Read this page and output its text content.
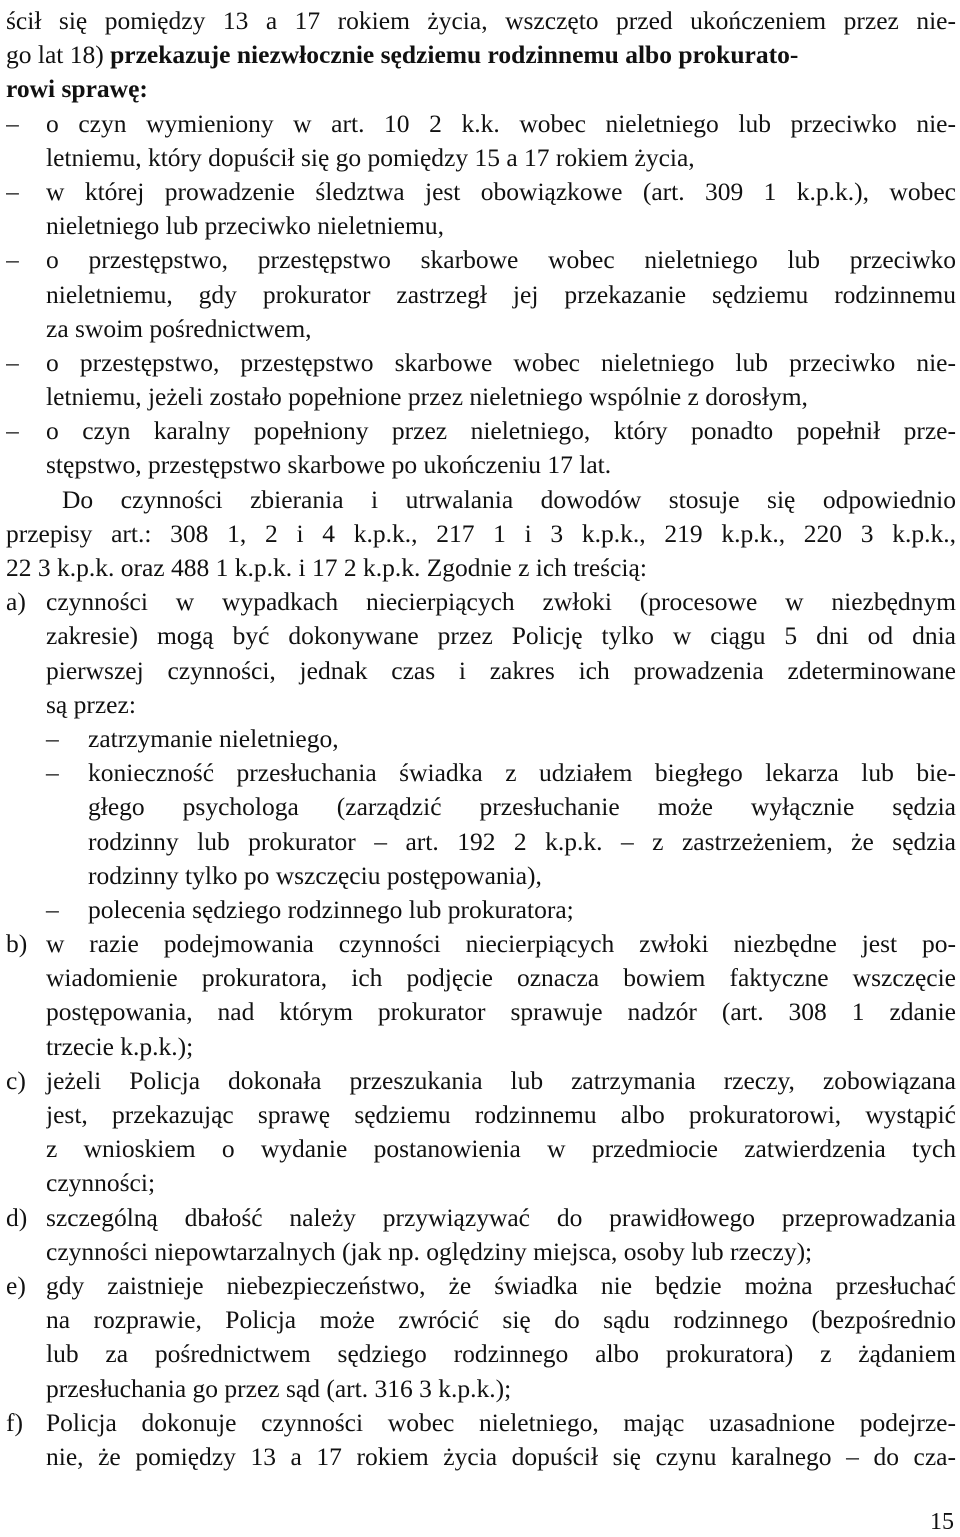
ścił się pomiędzy 13 a 17 rokiem życia, wszczęto przed ukończeniem przez nie-
go lat 18) przekazuje niezwłocznie sędziemu rodzinnemu albo prokurato-
rowi sprawę:
– o czyn wymieniony w art. 10 2 k.k. wobec nieletniego lub przeciwko nie-
letniemu, który dopuścił się go pomiędzy 15 a 17 rokiem życia,
– w której prowadzenie śledztwa jest obowiązkowe (art. 309 1 k.p.k.), wobec
nieletniego lub przeciwko nieletniemu,
– o przestępstwo, przestępstwo skarbowe wobec nieletniego lub przeciwko
nieletniemu, gdy prokurator zastrzegł jej przekazanie sędziemu rodzinnemu
za swoim pośrednictwem,
– o przestępstwo, przestępstwo skarbowe wobec nieletniego lub przeciwko nie-
letniemu, jeżeli zostało popełnione przez nieletniego wspólnie z dorosłym,
– o czyn karalny popełniony przez nieletniego, który ponadto popełnił prze-
stępstwo, przestępstwo skarbowe po ukończeniu 17 lat.
Do czynności zbierania i utrwalania dowodów stosuje się odpowiednio
przepisy art.: 308 1, 2 i 4 k.p.k., 217 1 i 3 k.p.k., 219 k.p.k., 220 3 k.p.k.,
22 3 k.p.k. oraz 488 1 k.p.k. i 17 2 k.p.k. Zgodnie z ich treścią:
a) czynności w wypadkach niecierpiących zwłoki (procesowe w niezbędnym
zakresie) mogą być dokonywane przez Policję tylko w ciągu 5 dni od dnia
pierwszej czynności, jednak czas i zakres ich prowadzenia zdeterminowane
są przez:
– zatrzymanie nieletniego,
– konieczność przesłuchania świadka z udziałem biegłego lekarza lub bie-
głego psychologa (zarządzić przesłuchanie może wyłącznie sędzia
rodzinny lub prokurator – art. 192 2 k.p.k. – z zastrzeżeniem, że sędzia
rodzinny tylko po wszczęciu postępowania),
– polecenia sędziego rodzinnego lub prokuratora;
b) w razie podejmowania czynności niecierpiących zwłoki niezbędne jest po-
wiadomienie prokuratora, ich podjęcie oznacza bowiem faktyczne wszczęcie
postępowania, nad którym prokurator sprawuje nadzór (art. 308 1 zdanie
trzecie k.p.k.);
c) jeżeli Policja dokonała przeszukania lub zatrzymania rzeczy, zobowiązana
jest, przekazując sprawę sędziemu rodzinnemu albo prokuratorowi, wystąpić
z wnioskiem o wydanie postanowienia w przedmiocie zatwierdzenia tych
czynności;
d) szczególną dbałość należy przywiązywać do prawidłowego przeprowadzania
czynności niepowtarzalnych (jak np. oględziny miejsca, osoby lub rzeczy);
e) gdy zaistnieje niebezpieczeństwo, że świadka nie będzie można przesłuchać
na rozprawie, Policja może zwrócić się do sądu rodzinnego (bezpośrednio
lub za pośrednictwem sędziego rodzinnego albo prokuratora) z żądaniem
przesłuchania go przez sąd (art. 316 3 k.p.k.);
f) Policja dokonuje czynności wobec nieletniego, mając uzasadnione podejrze-
nie, że pomiędzy 13 a 17 rokiem życia dopuścił się czynu karalnego – do cza-
15
